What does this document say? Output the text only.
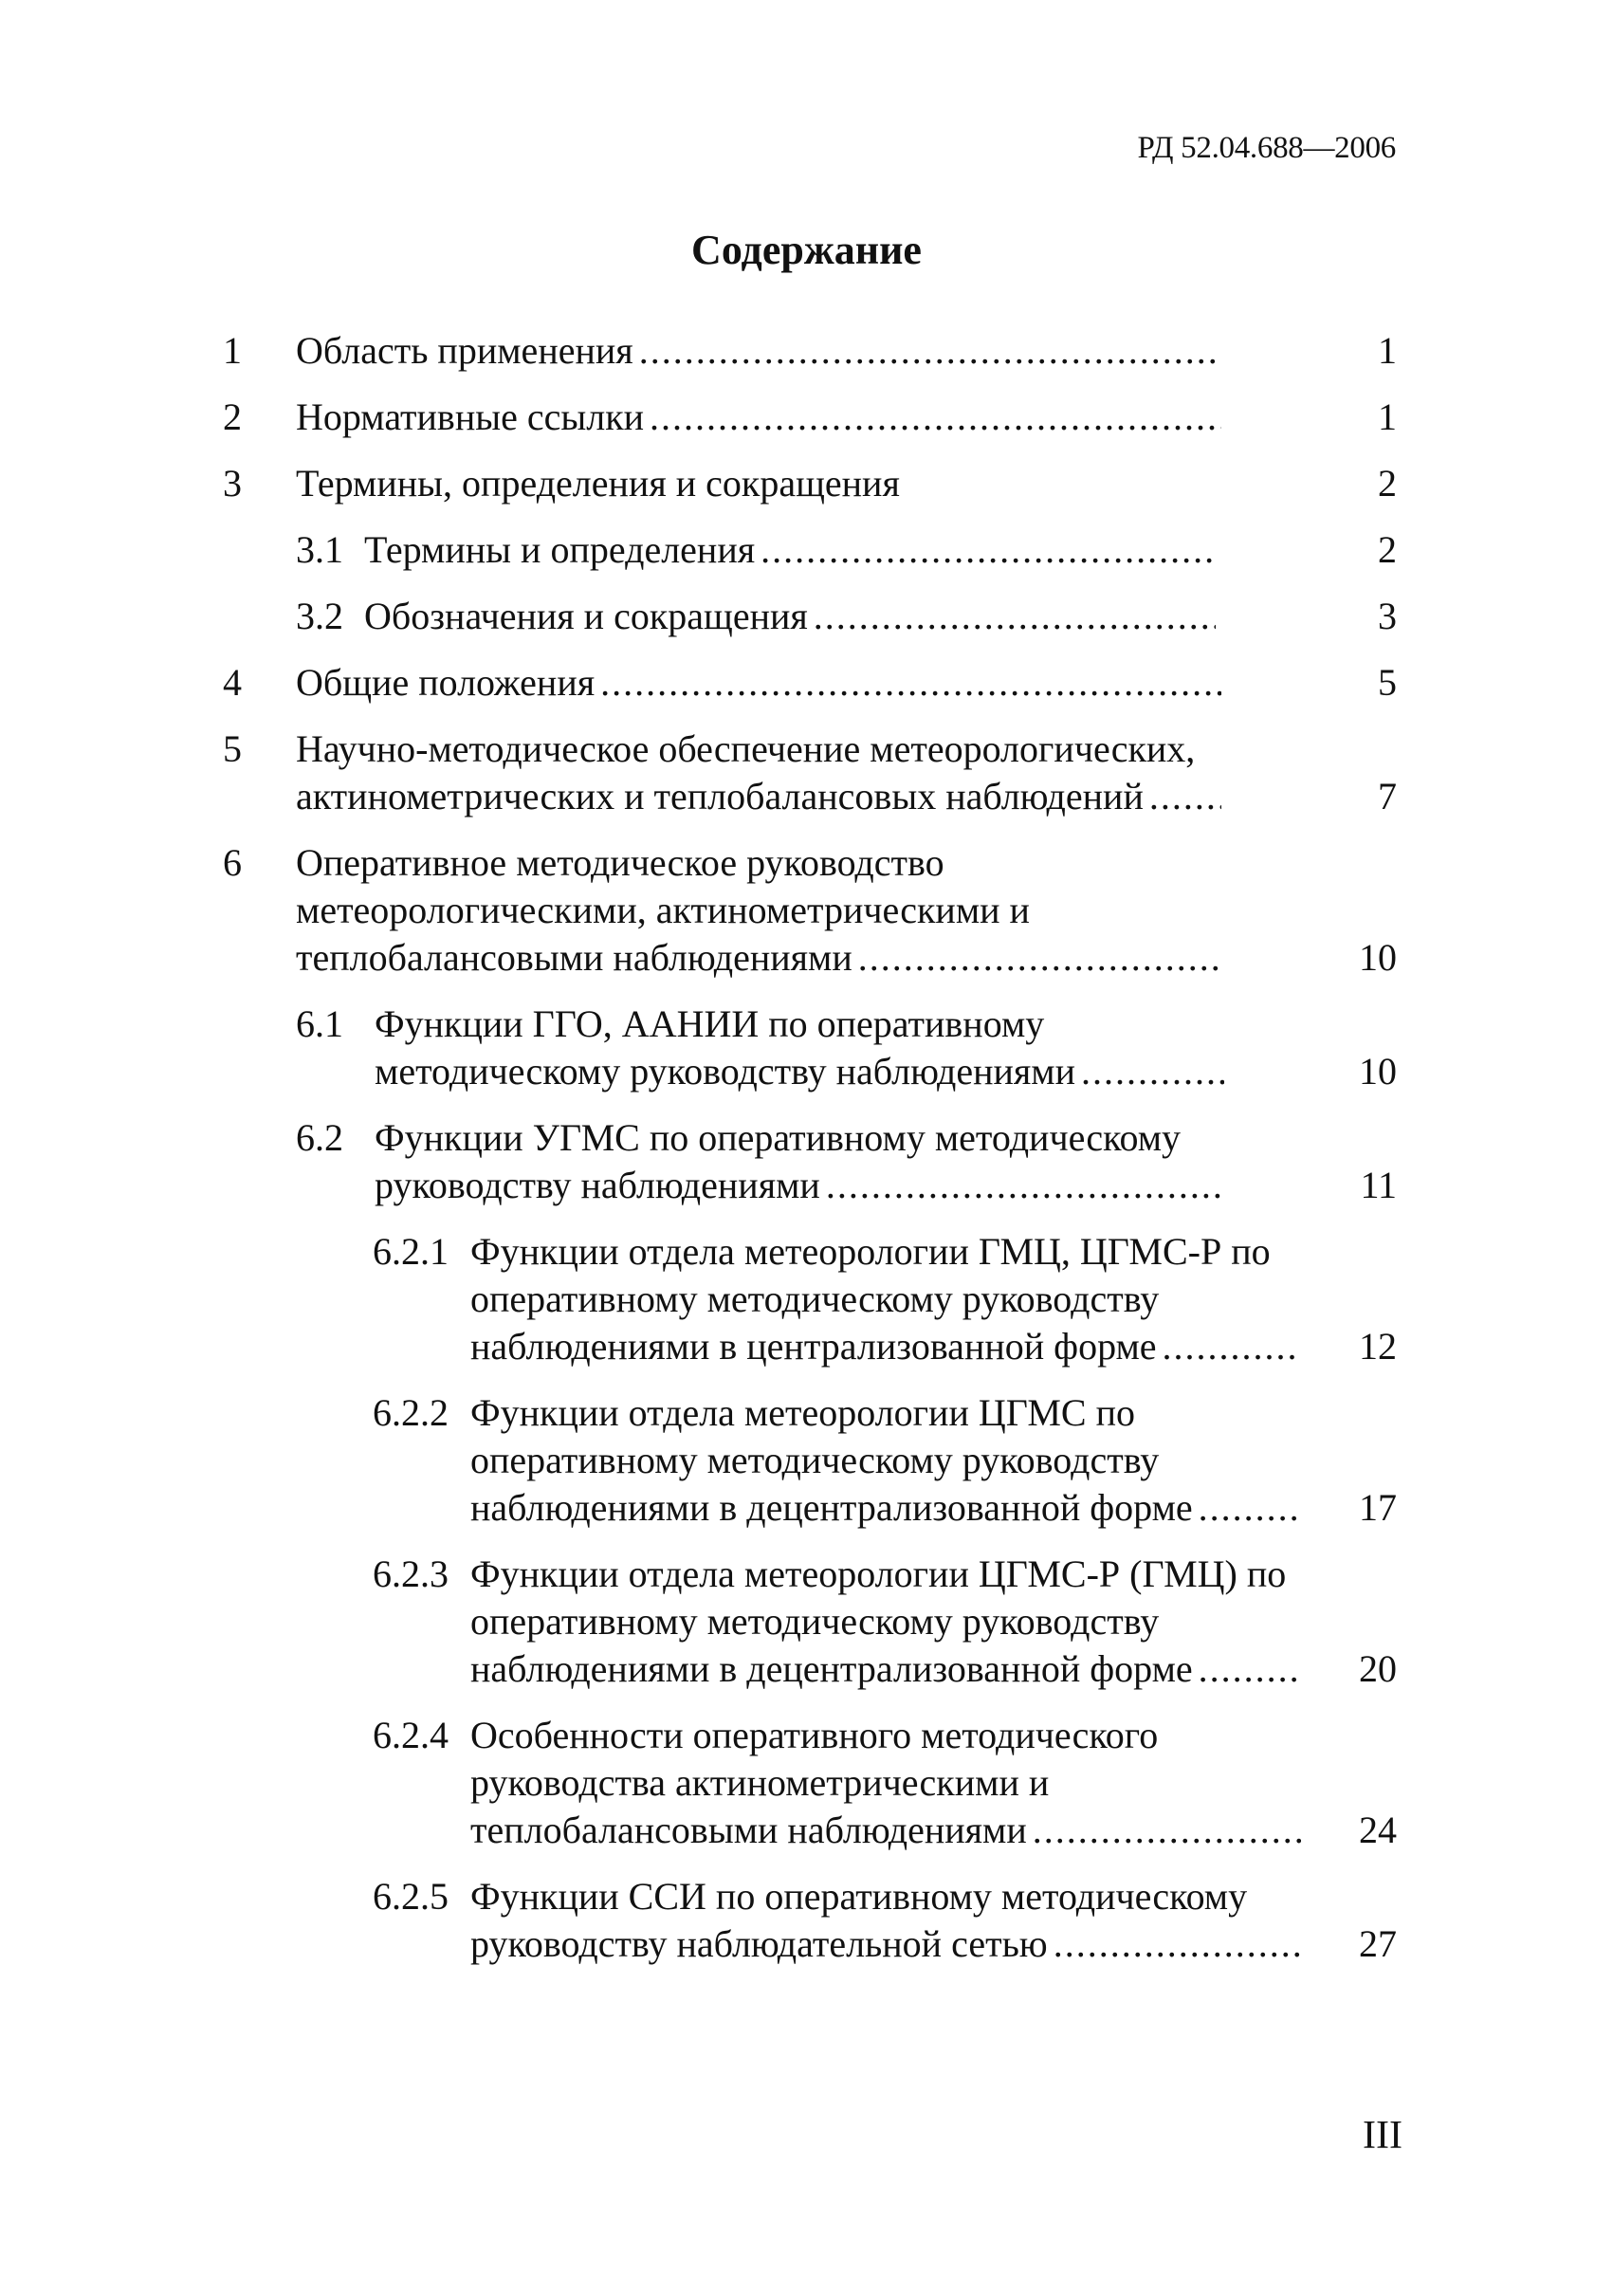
РД 52.04.688—2006
Содержание
1 Область применения .....	1
2 Нормативные ссылки .....	1
3 Термины, определения и сокращения	2
3.1 Термины и определения .....	2
3.2 Обозначения и сокращения .....	3
4 Общие положения .....	5
5 Научно-методическое обеспечение метеорологических,
актинометрических и теплобалансовых наблюдений .....	7
6 Оперативное методическое руководство
метеорологическими, актинометрическими и
теплобалансовыми наблюдениями .....	10
6.1 Функции ГГО, ААНИИ по оперативному
методическому руководству наблюдениями .....	10
6.2 Функции УГМС по оперативному методическому
руководству наблюдениями .....	11
6.2.1 Функции отдела метеорологии ГМЦ, ЦГМС-Р по
оперативному методическому руководству
наблюдениями в централизованной форме .....	12
6.2.2 Функции отдела метеорологии ЦГМС по
оперативному методическому руководству
наблюдениями в децентрализованной форме .....	17
6.2.3 Функции отдела метеорологии ЦГМС-Р (ГМЦ) по
оперативному методическому руководству
наблюдениями в децентрализованной форме .....	20
6.2.4 Особенности оперативного методического
руководства актинометрическими и
теплобалансовыми наблюдениями .....	24
6.2.5 Функции ССИ по оперативному методическому
руководству наблюдательной сетью .....	27
III
